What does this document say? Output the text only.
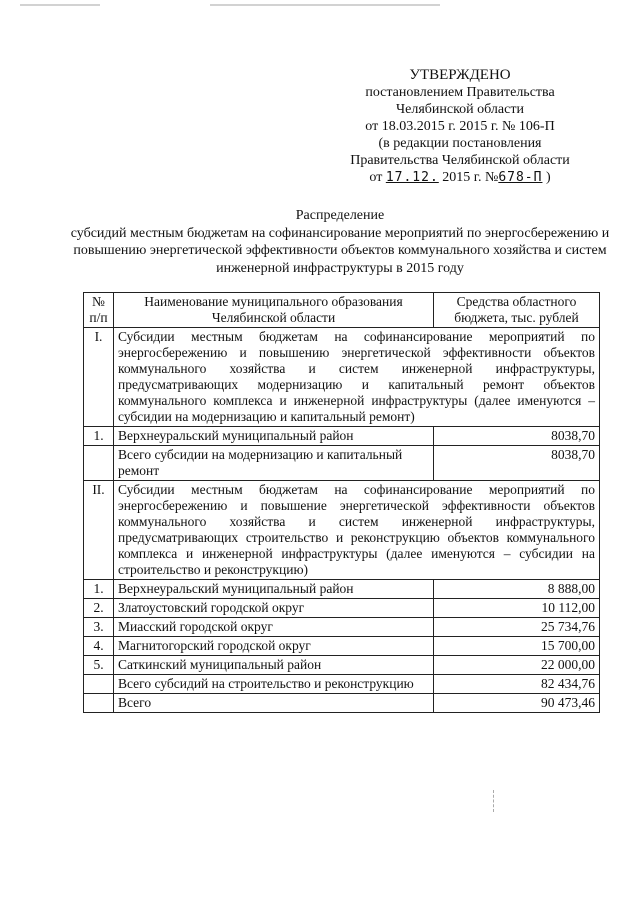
УТВЕРЖДЕНО
постановлением Правительства
Челябинской области
от 18.03.2015 г. 2015 г. № 106-П
(в редакции постановления
Правительства Челябинской области
от 17.12. 2015 г. №678-П )
Распределение
субсидий местным бюджетам на софинансирование мероприятий по энергосбережению и повышению энергетической эффективности объектов коммунального хозяйства и систем инженерной инфраструктуры в 2015 году
№ п/п	Наименование муниципального образования Челябинской области	Средства областного бюджета, тыс. рублей
I.	Субсидии местным бюджетам на софинансирование мероприятий по энергосбережению и повышению энергетической эффективности объектов коммунального хозяйства и систем инженерной инфраструктуры, предусматривающих модернизацию и капитальный ремонт объектов коммунального комплекса и инженерной инфраструктуры (далее именуются – субсидии на модернизацию и капитальный ремонт)	
1.	Верхнеуральский муниципальный район	8038,70
	Всего субсидии на модернизацию и капитальный ремонт	8038,70
II.	Субсидии местным бюджетам на софинансирование мероприятий по энергосбережению и повышение энергетической эффективности объектов коммунального хозяйства и систем инженерной инфраструктуры, предусматривающих строительство и реконструкцию объектов коммунального комплекса и инженерной инфраструктуры (далее именуются – субсидии на строительство и реконструкцию)	
1.	Верхнеуральский муниципальный район	8 888,00
2.	Златоустовский городской округ	10 112,00
3.	Миасский городской округ	25 734,76
4.	Магнитогорский городской округ	15 700,00
5.	Саткинский муниципальный район	22 000,00
	Всего субсидий на строительство и реконструкцию	82 434,76
	Всего	90 473,46
